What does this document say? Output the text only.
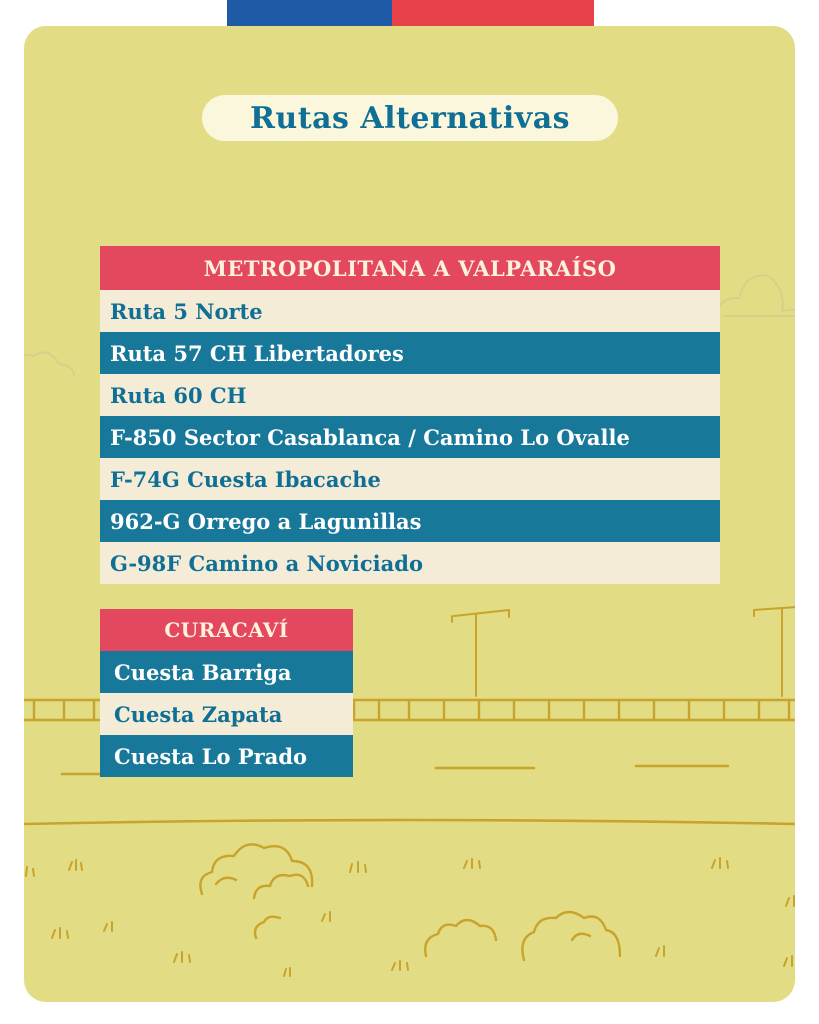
Rutas Alternativas
METROPOLITANA A VALPARAÍSO
Ruta 5 Norte
Ruta 57 CH Libertadores
Ruta 60 CH
F-850 Sector Casablanca / Camino Lo Ovalle
F-74G Cuesta Ibacache
962-G Orrego a Lagunillas
G-98F Camino a Noviciado
CURACAVÍ
Cuesta Barriga
Cuesta Zapata
Cuesta Lo Prado
